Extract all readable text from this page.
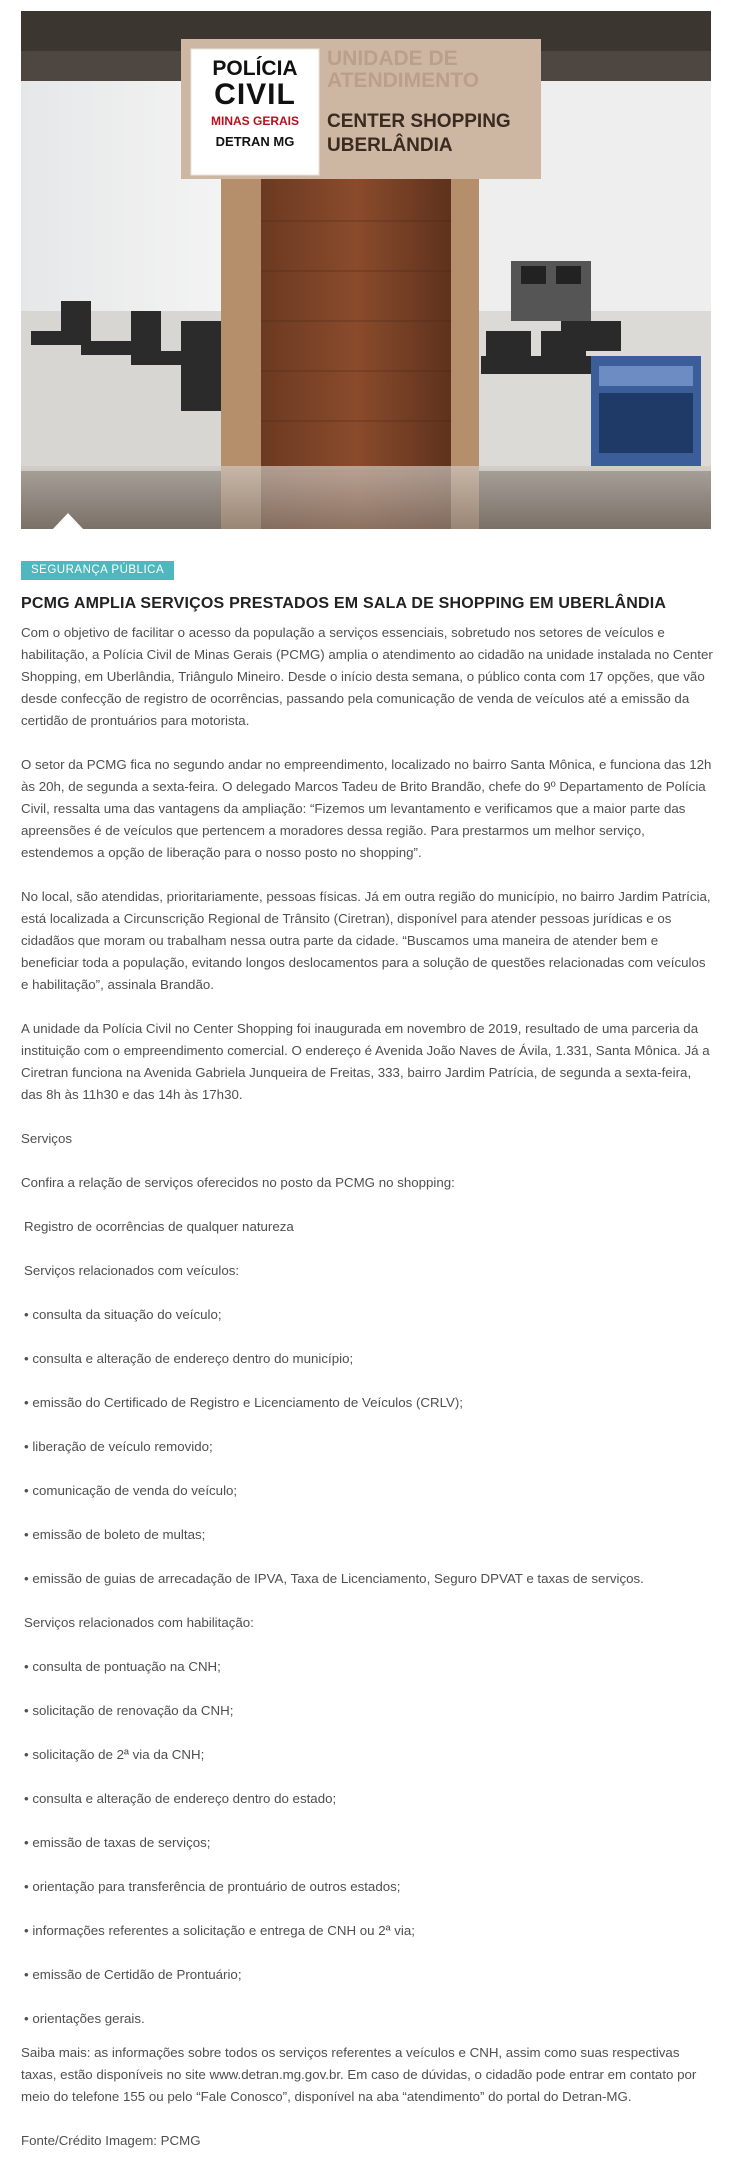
POLÍCIA
CIVIL
MINAS GERAIS
DETRAN MG
UNIDADE DE
ATENDIMENTO
CENTER SHOPPING
UBERLÂNDIA
SEGURANÇA PÚBLICA
PCMG AMPLIA SERVIÇOS PRESTADOS EM SALA DE SHOPPING EM UBERLÂNDIA

Com o objetivo de facilitar o acesso da população a serviços essenciais, sobretudo nos setores de veículos e habilitação, a Polícia Civil de Minas Gerais (PCMG) amplia o atendimento ao cidadão na unidade instalada no Center Shopping, em Uberlândia, Triângulo Mineiro. Desde o início desta semana, o público conta com 17 opções, que vão desde confecção de registro de ocorrências, passando pela comunicação de venda de veículos até a emissão da certidão de prontuários para motorista.

O setor da PCMG fica no segundo andar no empreendimento, localizado no bairro Santa Mônica, e funciona das 12h às 20h, de segunda a sexta-feira. O delegado Marcos Tadeu de Brito Brandão, chefe do 9º Departamento de Polícia Civil, ressalta uma das vantagens da ampliação: “Fizemos um levantamento e verificamos que a maior parte das apreensões é de veículos que pertencem a moradores dessa região. Para prestarmos um melhor serviço, estendemos a opção de liberação para o nosso posto no shopping”.

No local, são atendidas, prioritariamente, pessoas físicas. Já em outra região do município, no bairro Jardim Patrícia, está localizada a Circunscrição Regional de Trânsito (Ciretran), disponível para atender pessoas jurídicas e os cidadãos que moram ou trabalham nessa outra parte da cidade. “Buscamos uma maneira de atender bem e beneficiar toda a população, evitando longos deslocamentos para a solução de questões relacionadas com veículos e habilitação”, assinala Brandão.

A unidade da Polícia Civil no Center Shopping foi inaugurada em novembro de 2019, resultado de uma parceria da instituição com o empreendimento comercial. O endereço é Avenida João Naves de Ávila, 1.331, Santa Mônica. Já a Ciretran funciona na Avenida Gabriela Junqueira de Freitas, 333, bairro Jardim Patrícia, de segunda a sexta-feira, das 8h às 11h30 e das 14h às 17h30.

Serviços

Confira a relação de serviços oferecidos no posto da PCMG no shopping:

Registro de ocorrências de qualquer natureza

Serviços relacionados com veículos:

• consulta da situação do veículo;

• consulta e alteração de endereço dentro do município;

• emissão do Certificado de Registro e Licenciamento de Veículos (CRLV);

• liberação de veículo removido;

• comunicação de venda do veículo;

• emissão de boleto de multas;

• emissão de guias de arrecadação de IPVA, Taxa de Licenciamento, Seguro DPVAT e taxas de serviços.

Serviços relacionados com habilitação:

• consulta de pontuação na CNH;

• solicitação de renovação da CNH;

• solicitação de 2ª via da CNH;

• consulta e alteração de endereço dentro do estado;

• emissão de taxas de serviços;

• orientação para transferência de prontuário de outros estados;

• informações referentes a solicitação e entrega de CNH ou 2ª via;

• emissão de Certidão de Prontuário;

• orientações gerais.

Saiba mais: as informações sobre todos os serviços referentes a veículos e CNH, assim como suas respectivas taxas, estão disponíveis no site www.detran.mg.gov.br. Em caso de dúvidas, o cidadão pode entrar em contato por meio do telefone 155 ou pelo “Fale Conosco”, disponível na aba “atendimento” do portal do Detran-MG.

Fonte/Crédito Imagem: PCMG
